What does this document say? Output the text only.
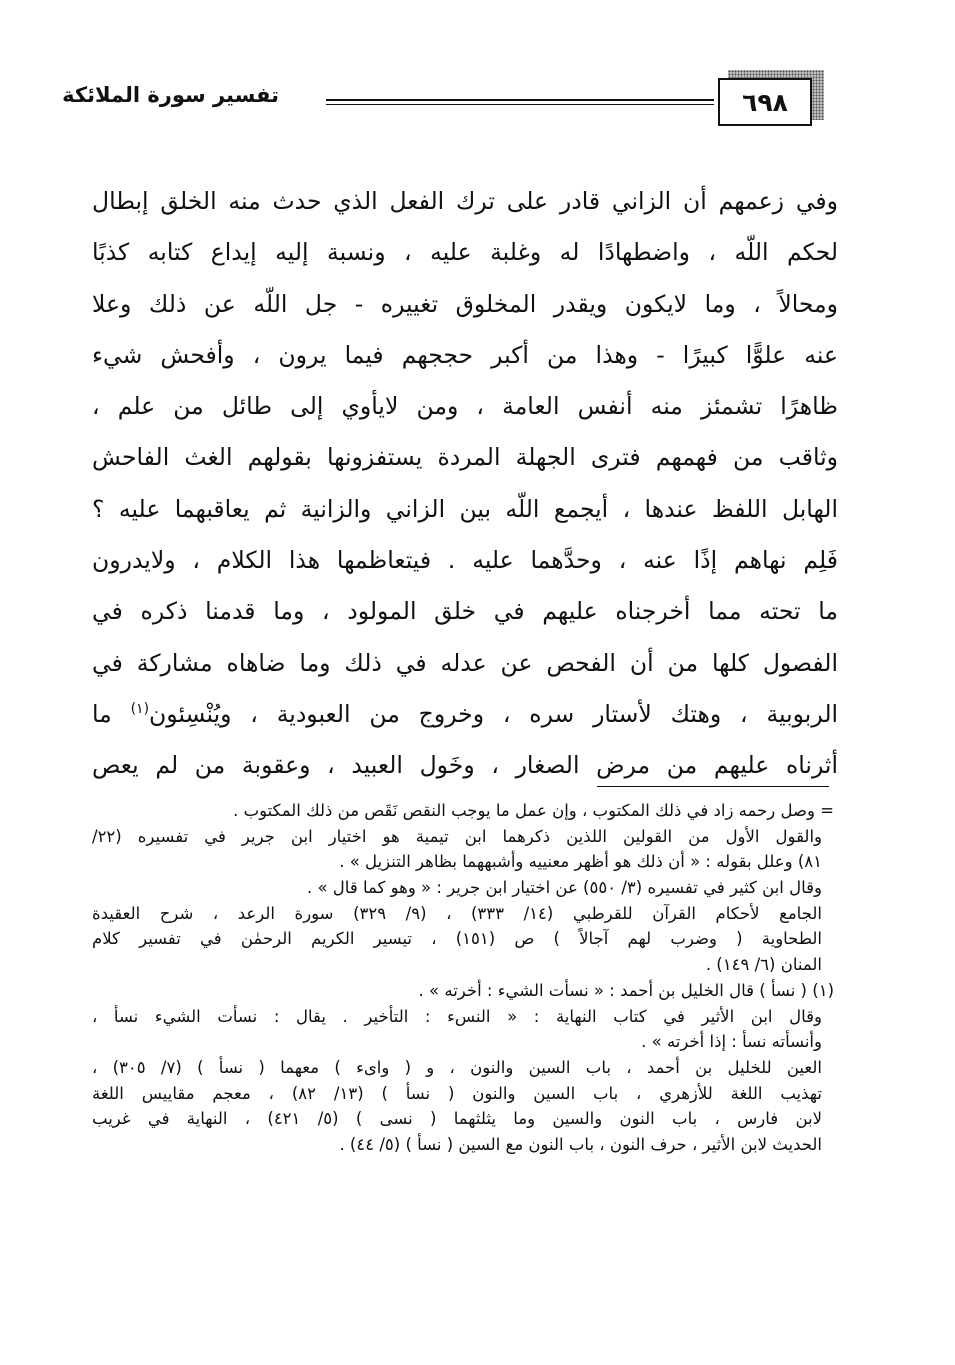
٦٩٨
تفسير سورة الملائكة
وفي زعمهم أن الزاني قادر على ترك الفعل الذي حدث منه الخلق إبطال
لحكم اللّه ، واضطهادًا له وغلبة عليه ، ونسبة إليه إيداع كتابه كذبًا
ومحالاً ، وما لايكون ويقدر المخلوق تغييره - جل اللّه عن ذلك وعلا
عنه علوًّا كبيرًا - وهذا من أكبر حججهم فيما يرون ، وأفحش شيء
ظاهرًا تشمئز منه أنفس العامة ، ومن لايأوي إلى طائل من علم ،
وثاقب من فهمهم فترى الجهلة المردة يستفزونها بقولهم الغث الفاحش
الهابل اللفظ عندها ، أيجمع اللّه بين الزاني والزانية ثم يعاقبهما عليه ؟
فَلِم نهاهم إذًا عنه ، وحدَّهما عليه . فيتعاظمها هذا الكلام ، ولايدرون
ما تحته مما أخرجناه عليهم في خلق المولود ، وما قدمنا ذكره في
الفصول كلها من أن الفحص عن عدله في ذلك وما ضاهاه مشاركة في
الربوبية ، وهتك لأستار سره ، وخروج من العبودية ، ويُنْسِئون$^{(١)}$ ما
أثرناه عليهم من مرض الصغار ، وخَول العبيد ، وعقوبة من لم يعص
= وصل رحمه زاد في ذلك المكتوب ، وإن عمل ما يوجب النقص نَقَص من ذلك المكتوب .
والقول الأول من القولين اللذين ذكرهما ابن تيمية هو اختيار ابن جرير في تفسيره (٢٢/
٨١) وعلل بقوله : « أن ذلك هو أظهر معنييه وأشبههما بظاهر التنزيل » .
وقال ابن كثير في تفسيره (٣/ ٥٥٠) عن اختيار ابن جرير : « وهو كما قال » .
الجامع لأحكام القرآن للقرطبي (١٤/ ٣٣٣) ، (٩/ ٣٢٩) سورة الرعد ، شرح العقيدة
الطحاوية ( وضرب لهم آجالاً ) ص (١٥١) ، تيسير الكريم الرحمٰن في تفسير كلام
المنان (٦/ ١٤٩) .
(١) ( نسأ ) قال الخليل بن أحمد : « نسأت الشيء : أخرته » .
وقال ابن الأثير في كتاب النهاية : « النسء : التأخير . يقال : نسأت الشيء نسأ ،
وأنسأته نسأ : إذا أخرته » .
العين للخليل بن أحمد ، باب السين والنون ، و ( واىء ) معهما ( نسأ ) (٧/ ٣٠٥) ،
تهذيب اللغة للأزهري ، باب السين والنون ( نسأ ) (١٣/ ٨٢) ، معجم مقاييس اللغة
لابن فارس ، باب النون والسين وما يثلثهما ( نسى ) (٥/ ٤٢١) ، النهاية في غريب
الحديث لابن الأثير ، حرف النون ، باب النون مع السين ( نسأ ) (٥/ ٤٤) .
